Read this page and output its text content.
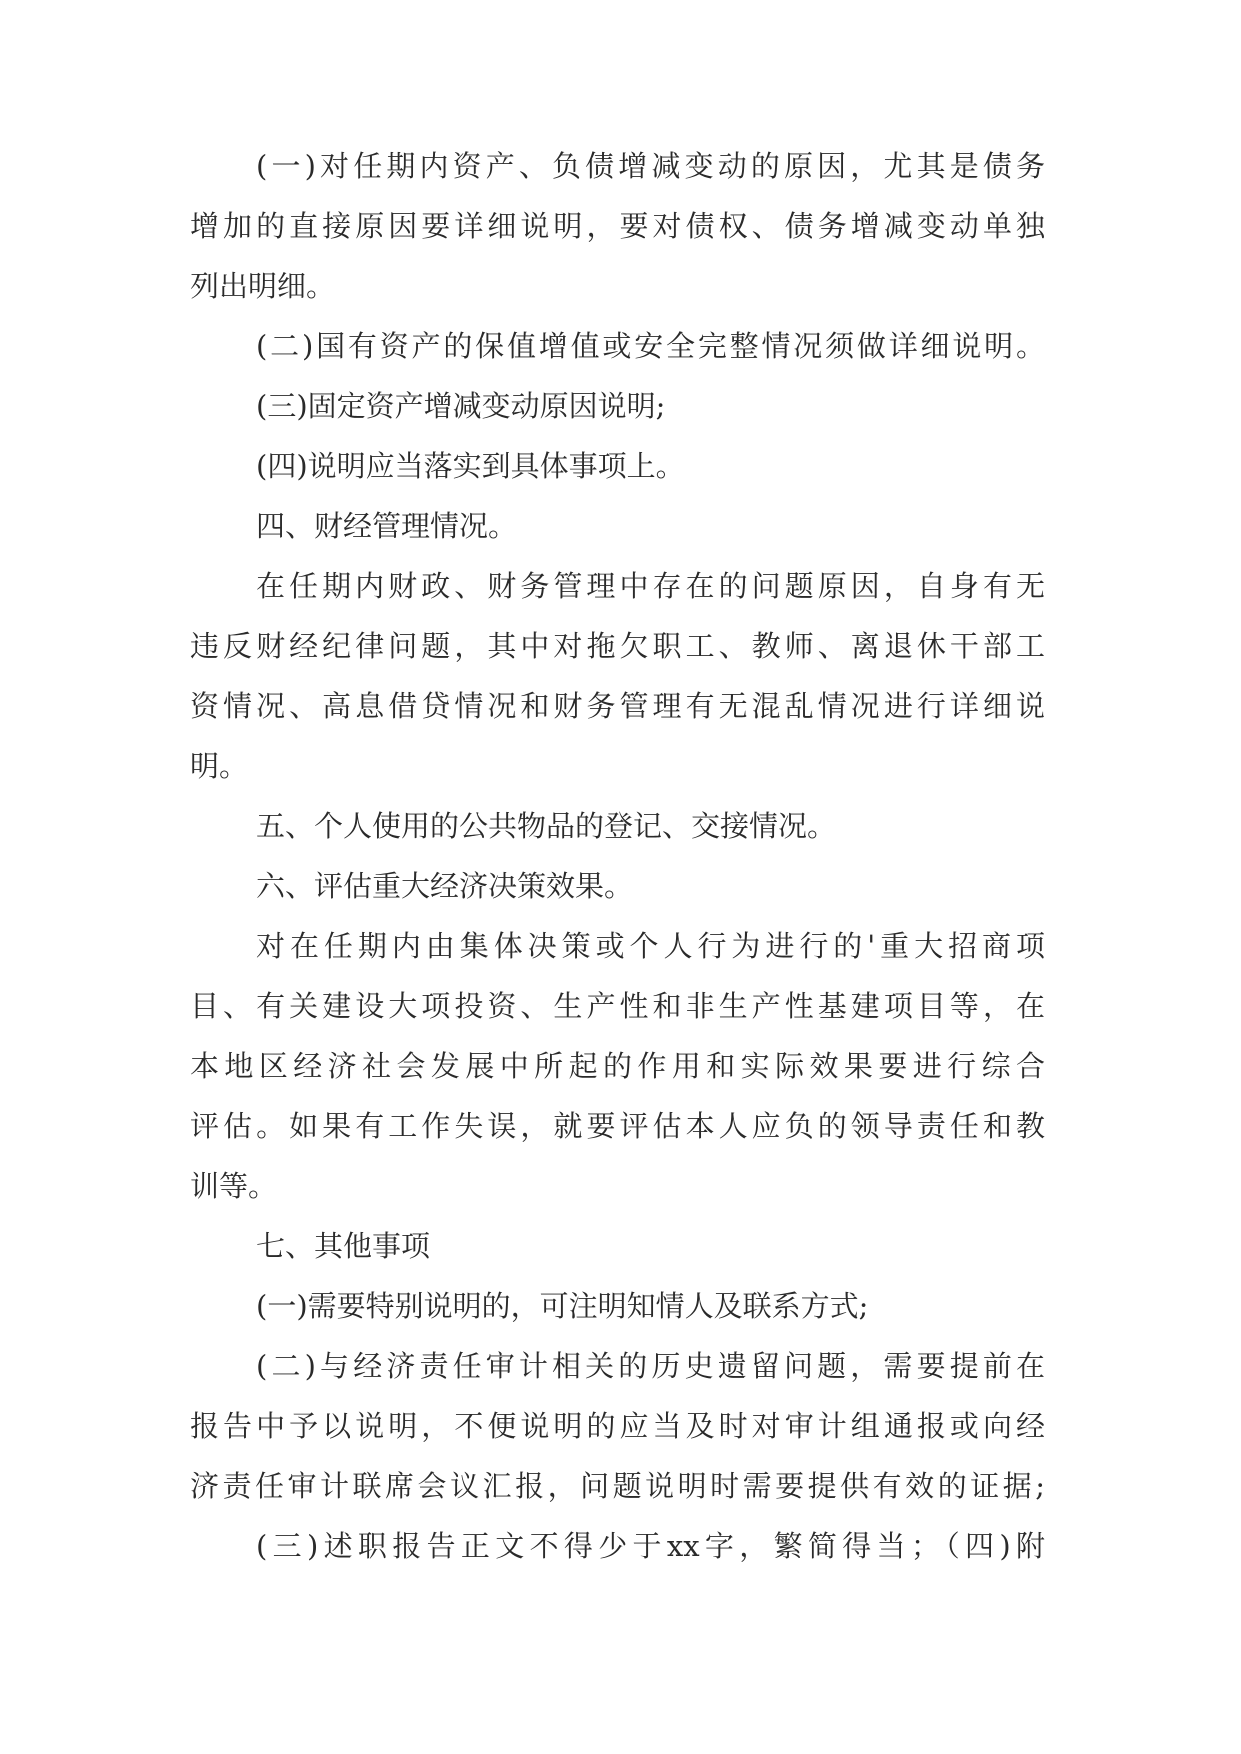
(一)对任期内资产、负债增减变动的原因，尤其是债务
增加的直接原因要详细说明，要对债权、债务增减变动单独
列出明细。
(二)国有资产的保值增值或安全完整情况须做详细说明。
(三)固定资产增减变动原因说明;
(四)说明应当落实到具体事项上。
四、财经管理情况。
在任期内财政、财务管理中存在的问题原因，自身有无
违反财经纪律问题，其中对拖欠职工、教师、离退休干部工
资情况、高息借贷情况和财务管理有无混乱情况进行详细说
明。
五、个人使用的公共物品的登记、交接情况。
六、评估重大经济决策效果。
对在任期内由集体决策或个人行为进行的'重大招商项
目、有关建设大项投资、生产性和非生产性基建项目等，在
本地区经济社会发展中所起的作用和实际效果要进行综合
评估。如果有工作失误，就要评估本人应负的领导责任和教
训等。
七、其他事项
(一)需要特别说明的，可注明知情人及联系方式;
(二)与经济责任审计相关的历史遗留问题，需要提前在
报告中予以说明，不便说明的应当及时对审计组通报或向经
济责任审计联席会议汇报，问题说明时需要提供有效的证据;
(三)述职报告正文不得少于xx字，繁简得当；（四)附
